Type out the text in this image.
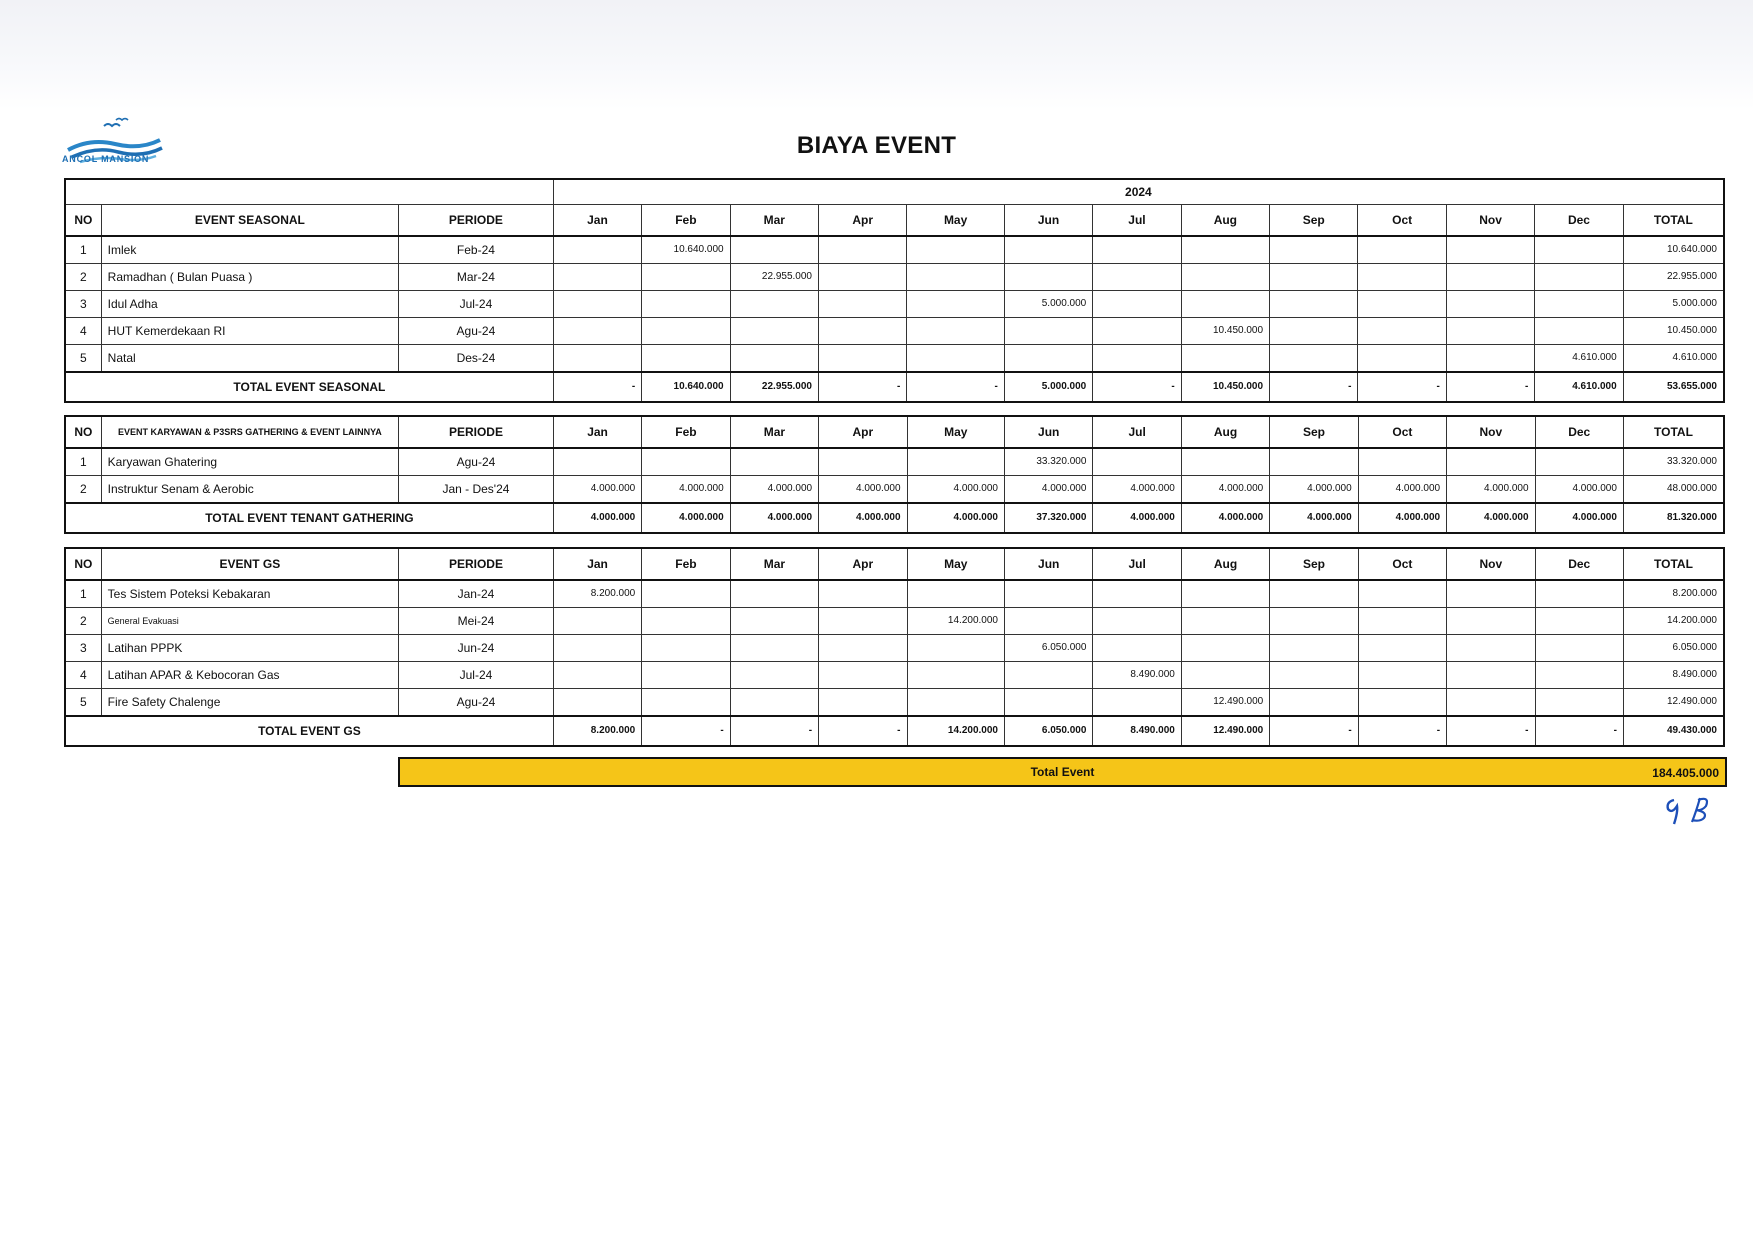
ANCOL MANSION	BIAYA EVENT
			2024												
NO	EVENT SEASONAL	PERIODE	Jan	Feb	Mar	Apr	May	Jun	Jul	Aug	Sep	Oct	Nov	Dec	TOTAL
1	Imlek	Feb-24		10.640.000											10.640.000
2	Ramadhan ( Bulan Puasa )	Mar-24			22.955.000										22.955.000
3	Idul Adha	Jul-24						5.000.000							5.000.000
4	HUT Kemerdekaan RI	Agu-24								10.450.000					10.450.000
5	Natal	Des-24												4.610.000	4.610.000
TOTAL EVENT SEASONAL			-	10.640.000	22.955.000	-	-	5.000.000	-	10.450.000	-	-	-	4.610.000	53.655.000
NO	EVENT KARYAWAN & P3SRS GATHERING & EVENT LAINNYA	PERIODE	Jan	Feb	Mar	Apr	May	Jun	Jul	Aug	Sep	Oct	Nov	Dec	TOTAL
1	Karyawan Ghatering	Agu-24						33.320.000							33.320.000
2	Instruktur Senam & Aerobic	Jan - Des'24	4.000.000	4.000.000	4.000.000	4.000.000	4.000.000	4.000.000	4.000.000	4.000.000	4.000.000	4.000.000	4.000.000	4.000.000	48.000.000
TOTAL EVENT TENANT GATHERING			4.000.000	4.000.000	4.000.000	4.000.000	4.000.000	37.320.000	4.000.000	4.000.000	4.000.000	4.000.000	4.000.000	4.000.000	81.320.000
NO	EVENT GS	PERIODE	Jan	Feb	Mar	Apr	May	Jun	Jul	Aug	Sep	Oct	Nov	Dec	TOTAL
1	Tes Sistem Poteksi Kebakaran	Jan-24	8.200.000												8.200.000
2	General Evakuasi	Mei-24					14.200.000								14.200.000
3	Latihan PPPK	Jun-24						6.050.000							6.050.000
4	Latihan APAR & Kebocoran Gas	Jul-24							8.490.000						8.490.000
5	Fire Safety Chalenge	Agu-24								12.490.000					12.490.000
TOTAL EVENT GS			8.200.000	-	-	-	14.200.000	6.050.000	8.490.000	12.490.000	-	-	-	-	49.430.000
Total Event	184.405.000
